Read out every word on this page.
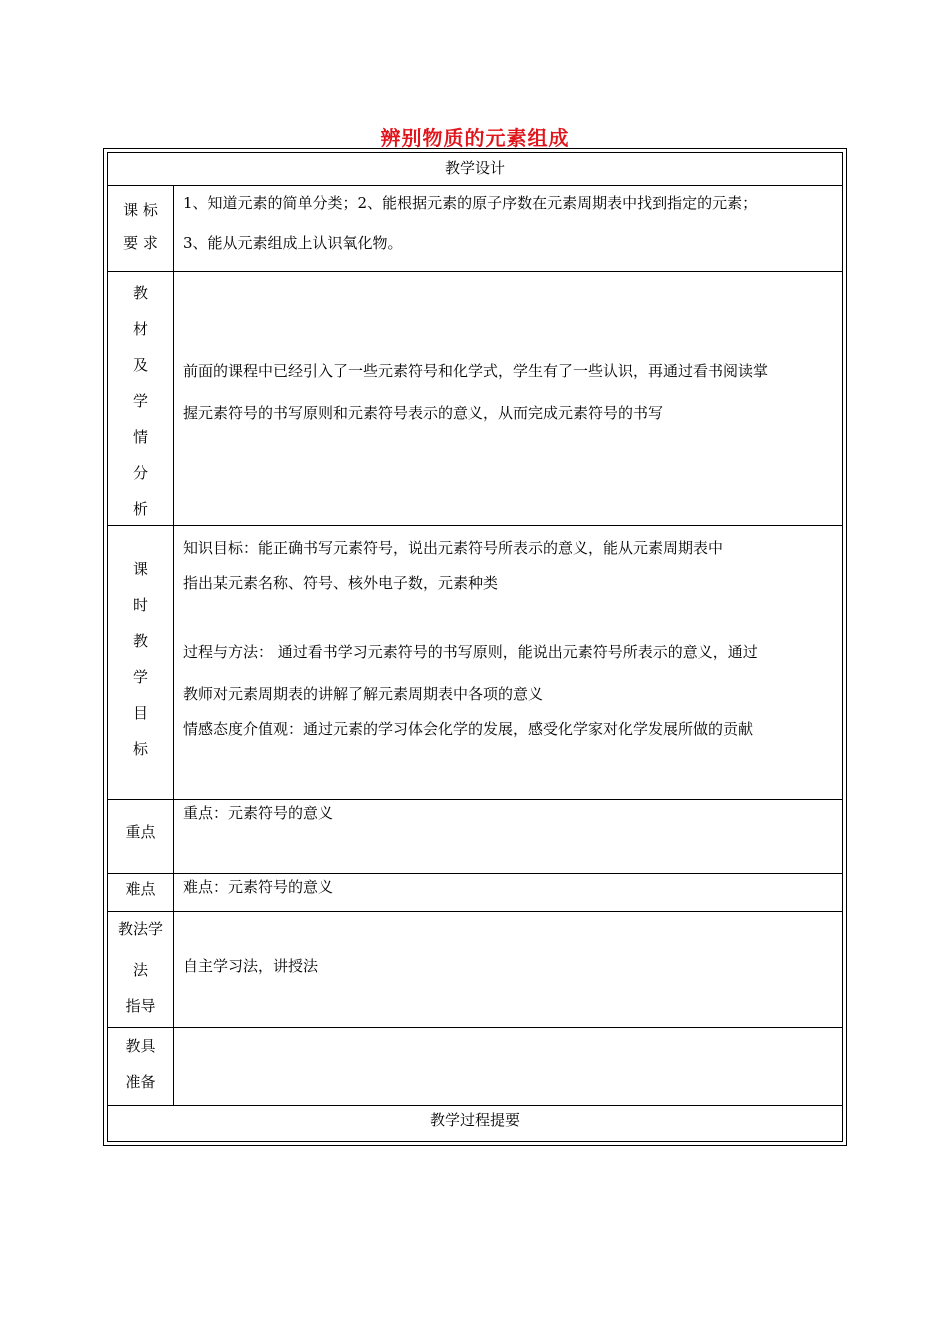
辨别物质的元素组成
教学设计
课 标
要 求
1、知道元素的简单分类；2、能根据元素的原子序数在元素周期表中找到指定的元素；
3、能从元素组成上认识氧化物。
教
材
及
学
情
分
析
前面的课程中已经引入了一些元素符号和化学式，学生有了一些认识，再通过看书阅读掌
握元素符号的书写原则和元素符号表示的意义，从而完成元素符号的书写
课
时
教
学
目
标
知识目标：能正确书写元素符号，说出元素符号所表示的意义，能从元素周期表中
指出某元素名称、符号、核外电子数，元素种类
过程与方法： 通过看书学习元素符号的书写原则，能说出元素符号所表示的意义，通过
教师对元素周期表的讲解了解元素周期表中各项的意义
情感态度介值观：通过元素的学习体会化学的发展，感受化学家对化学发展所做的贡献
重点
重点：元素符号的意义
难点	难点：元素符号的意义
教法学
法
指导
自主学习法，讲授法
教具
准备
教学过程提要
